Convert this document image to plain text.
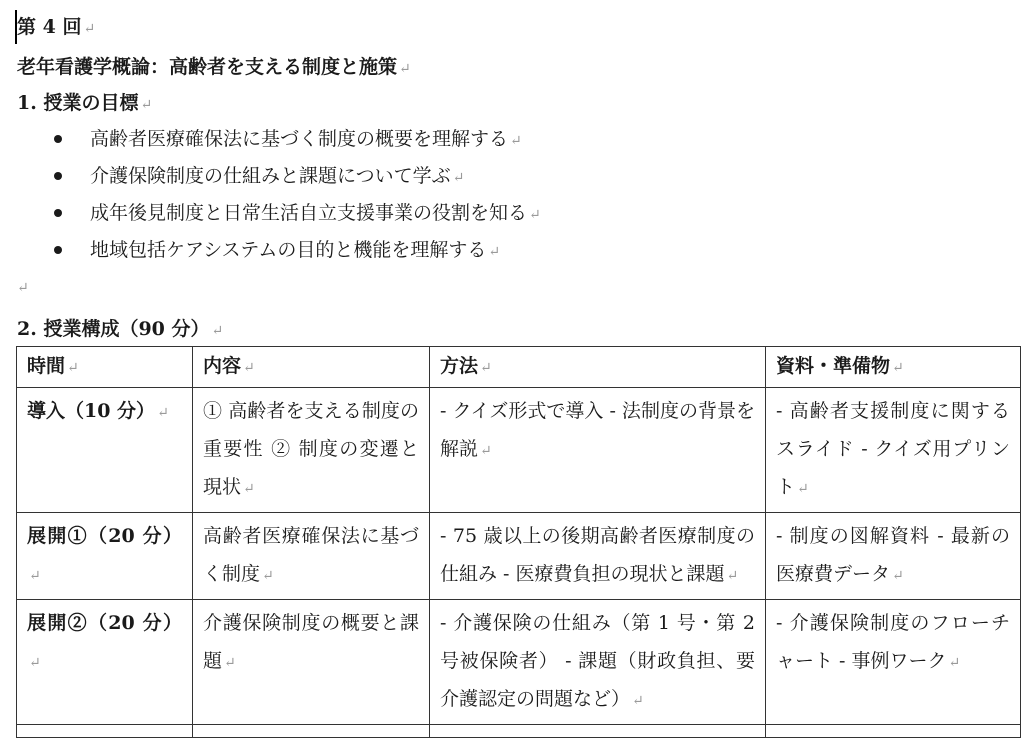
第 4 回 ↵
老年看護学概論：高齢者を支える制度と施策 ↵
1. 授業の目標 ↵
高齢者医療確保法に基づく制度の概要を理解する ↵
介護保険制度の仕組みと課題について学ぶ ↵
成年後見制度と日常生活自立支援事業の役割を知る ↵
地域包括ケアシステムの目的と機能を理解する ↵
↵
2. 授業構成（90 分） ↵
時間 ↵	内容 ↵	方法 ↵	資料・準備物 ↵
導入（10 分） ↵	① 高齢者を支える制度の重要性 ② 制度の変遷と現状 ↵	- クイズ形式で導入 - 法制度の背景を解説 ↵	- 高齢者支援制度に関するスライド - クイズ用プリント ↵
展開①（20 分）↵	高齢者医療確保法に基づく制度 ↵	- 75 歳以上の後期高齢者医療制度の仕組み - 医療費負担の現状と課題 ↵	- 制度の図解資料 - 最新の医療費データ ↵
展開②（20 分）↵	介護保険制度の概要と課題 ↵	- 介護保険の仕組み（第 1 号・第 2 号被保険者） - 課題（財政負担、要介護認定の問題など） ↵	- 介護保険制度のフローチャート - 事例ワーク ↵
